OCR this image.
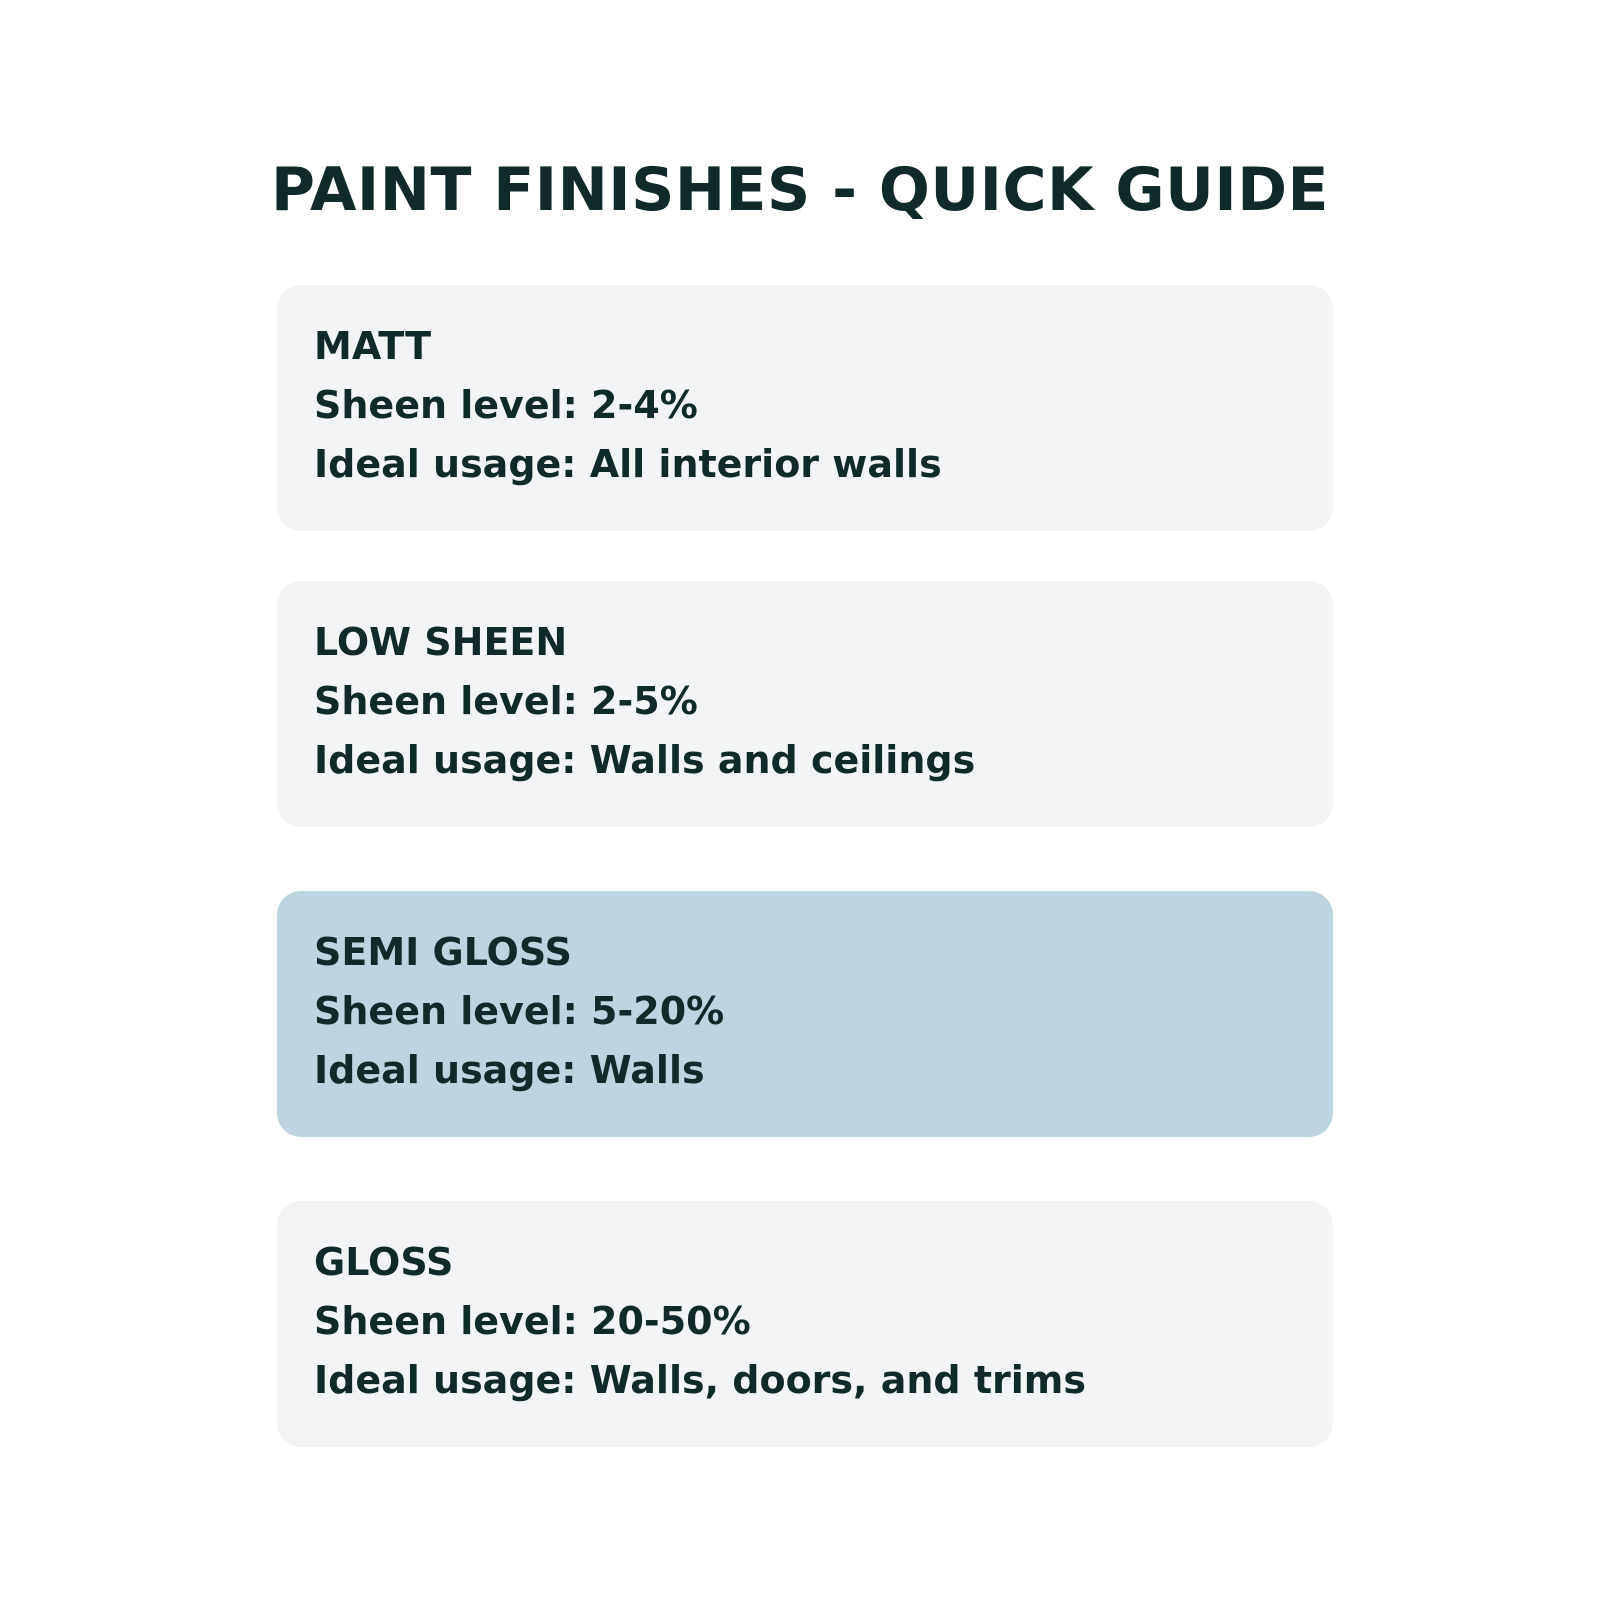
PAINT FINISHES - QUICK GUIDE
MATT
Sheen level: 2-4%
Ideal usage: All interior walls
LOW SHEEN
Sheen level: 2-5%
Ideal usage: Walls and ceilings
SEMI GLOSS
Sheen level: 5-20%
Ideal usage: Walls
GLOSS
Sheen level: 20-50%
Ideal usage: Walls, doors, and trims
